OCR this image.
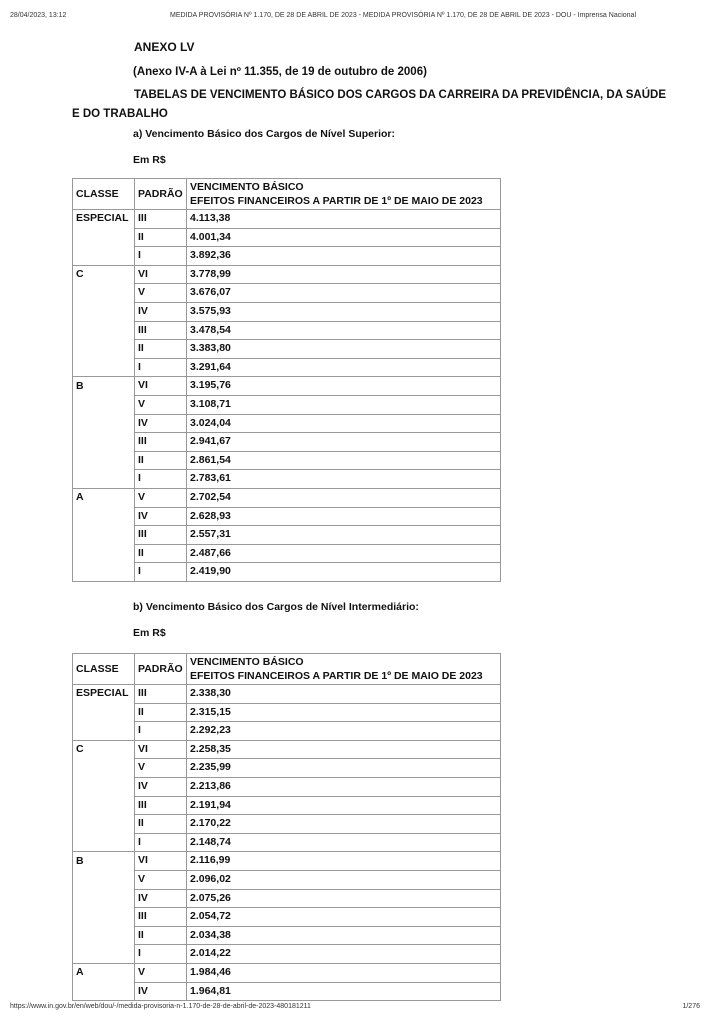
28/04/2023, 13:12	MEDIDA PROVISÓRIA Nº 1.170, DE 28 DE ABRIL DE 2023 - MEDIDA PROVISÓRIA Nº 1.170, DE 28 DE ABRIL DE 2023 - DOU - Imprensa Nacional
ANEXO LV
(Anexo IV-A à Lei nº 11.355, de 19 de outubro de 2006)
TABELAS DE VENCIMENTO BÁSICO DOS CARGOS DA CARREIRA DA PREVIDÊNCIA, DA SAÚDE E DO TRABALHO
a) Vencimento Básico dos Cargos de Nível Superior:
Em R$
CLASSE	PADRÃO	VENCIMENTO BÁSICO
EFEITOS FINANCEIROS A PARTIR DE 1º DE MAIO DE 2023

ESPECIAL	III	4.113,38
	II	4.001,34
	I	3.892,36
C	VI	3.778,99
	V	3.676,07
	IV	3.575,93
	III	3.478,54
	II	3.383,80
	I	3.291,64
B	VI	3.195,76
	V	3.108,71
	IV	3.024,04
	III	2.941,67
	II	2.861,54
	I	2.783,61
A	V	2.702,54
	IV	2.628,93
	III	2.557,31
	II	2.487,66
	I	2.419,90
b) Vencimento Básico dos Cargos de Nível Intermediário:
Em R$
CLASSE	PADRÃO	VENCIMENTO BÁSICO
EFEITOS FINANCEIROS A PARTIR DE 1º DE MAIO DE 2023

ESPECIAL	III	2.338,30
	II	2.315,15
	I	2.292,23
C	VI	2.258,35
	V	2.235,99
	IV	2.213,86
	III	2.191,94
	II	2.170,22
	I	2.148,74
B	VI	2.116,99
	V	2.096,02
	IV	2.075,26
	III	2.054,72
	II	2.034,38
	I	2.014,22
A	V	1.984,46
	IV	1.964,81
https://www.in.gov.br/en/web/dou/-/medida-provisoria-n-1.170-de-28-de-abril-de-2023-480181211	1/276
